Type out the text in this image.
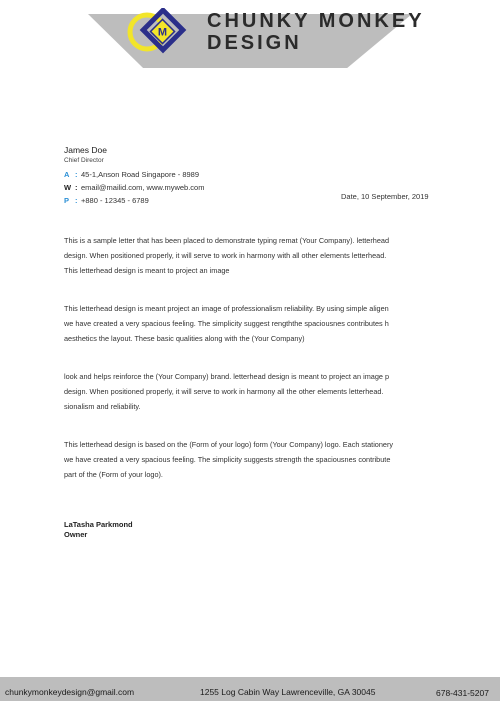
M
CHUNKY MONKEY
DESIGN
James Doe
Chief Director
A : 45-1,Anson Road Singapore - 8989
W : email@mailid.com, www.myweb.com
P : +880 - 12345 - 6789	Date, 10 September, 2019
This is a sample letter that has been placed to demonstrate typing remat (Your Company). letterhead
design. When positioned properly, it will serve to work in harmony with all other elements letterhead.
This letterhead design is meant to project an image
This letterhead design is meant project an image of professionalism reliability. By using simple aligen
we have created a very spacious feeling. The simplicity suggest rengththe spaciousnes contributes h
aesthetics the layout. These basic qualities along with the (Your Company)
look and helps reinforce the (Your Company) brand. letterhead design is meant to project an image p
design. When positioned properly, it will serve to work in harmony all the other elements letterhead.
sionalism and reliability.
This letterhead design is based on the (Form of your logo) form (Your Company) logo. Each stationery
we have created a very spacious feeling. The simplicity suggests strength the spaciousnes contribute
part of the (Form of your logo).
LaTasha Parkmond
Owner
chunkymonkeydesign@gmail.com	1255 Log Cabin Way Lawrenceville, GA 30045	678-431-5207
